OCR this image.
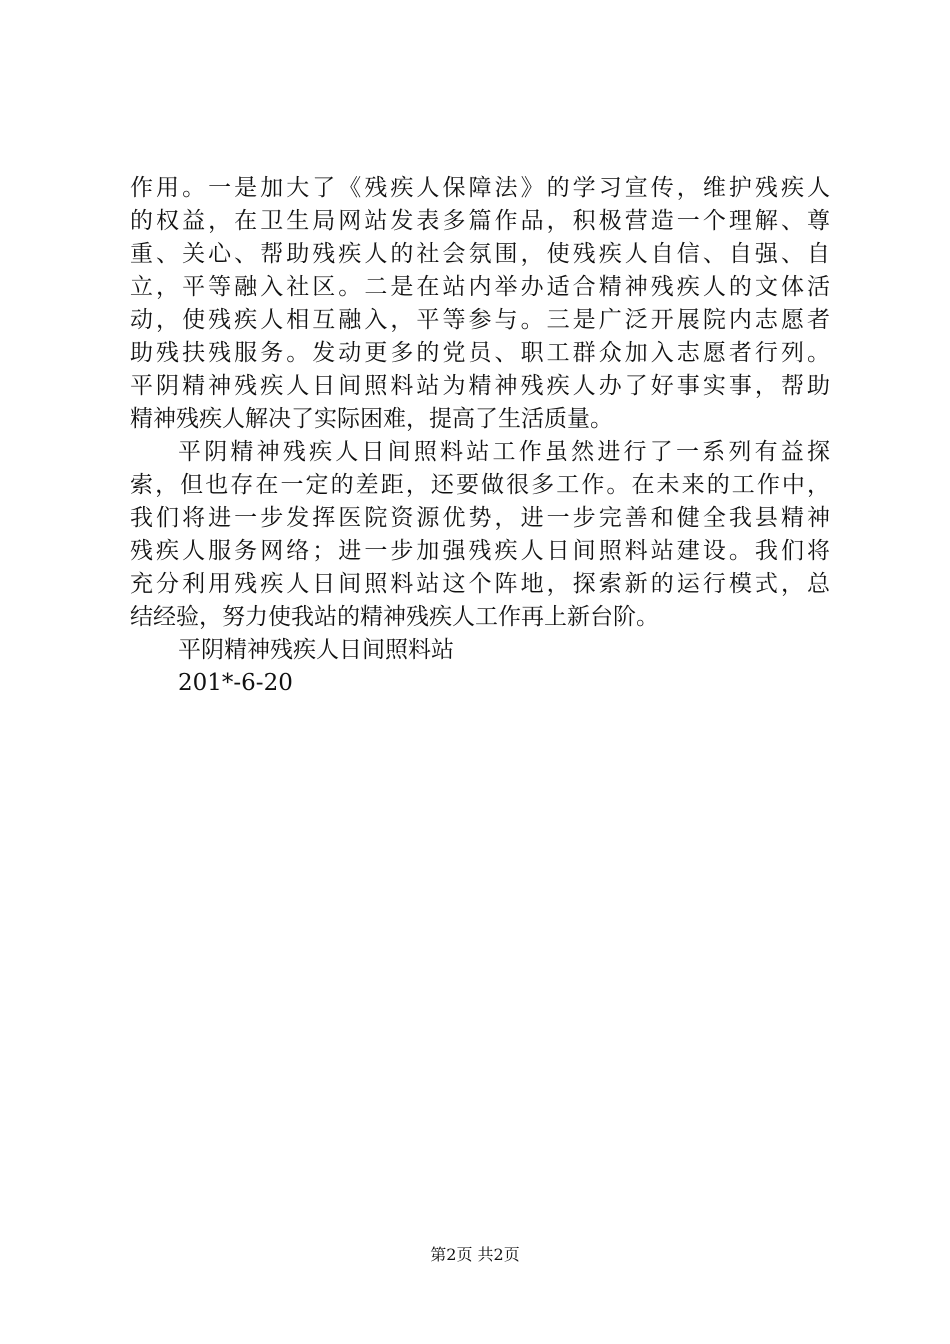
作用。一是加大了《残疾人保障法》的学习宣传，维护残疾人
的权益，在卫生局网站发表多篇作品，积极营造一个理解、尊
重、关心、帮助残疾人的社会氛围，使残疾人自信、自强、自
立，平等融入社区。二是在站内举办适合精神残疾人的文体活
动，使残疾人相互融入，平等参与。三是广泛开展院内志愿者
助残扶残服务。发动更多的党员、职工群众加入志愿者行列。
平阴精神残疾人日间照料站为精神残疾人办了好事实事，帮助
精神残疾人解决了实际困难，提高了生活质量。
平阴精神残疾人日间照料站工作虽然进行了一系列有益探
索，但也存在一定的差距，还要做很多工作。在未来的工作中，
我们将进一步发挥医院资源优势，进一步完善和健全我县精神
残疾人服务网络；进一步加强残疾人日间照料站建设。我们将
充分利用残疾人日间照料站这个阵地，探索新的运行模式，总
结经验，努力使我站的精神残疾人工作再上新台阶。
平阴精神残疾人日间照料站
201*-6-20
第2页 共2页
